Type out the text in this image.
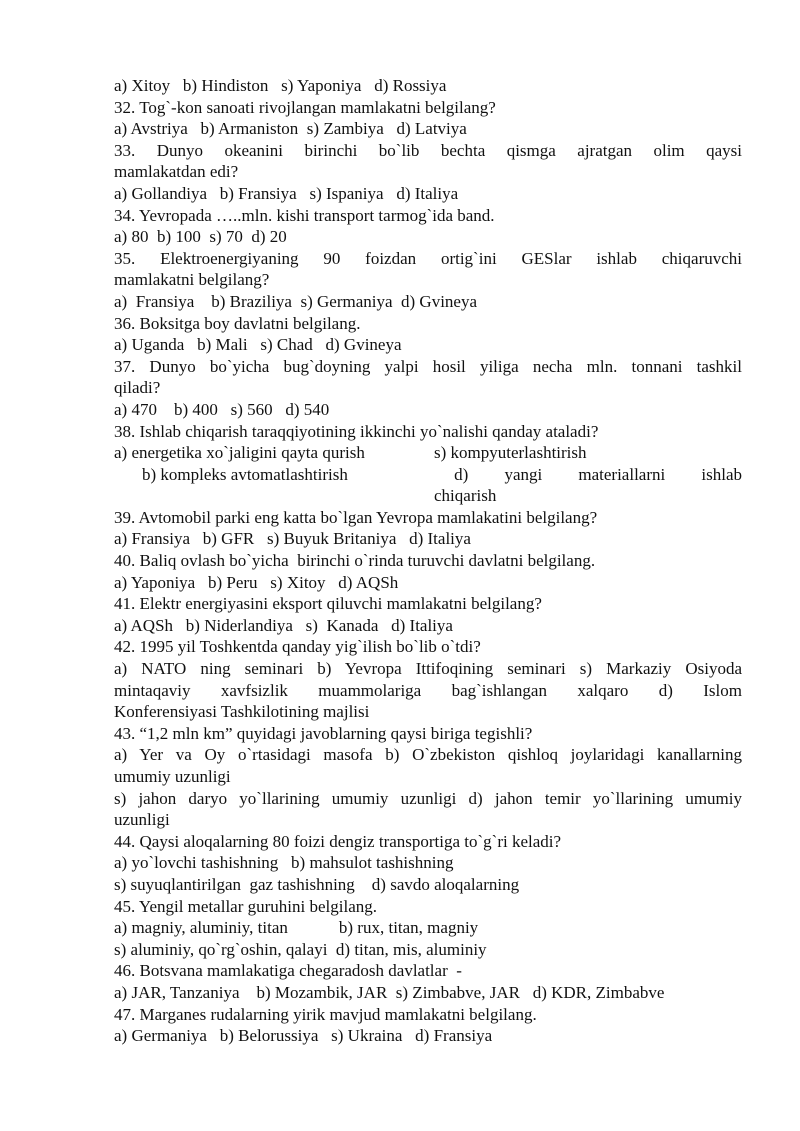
a) Xitoy   b) Hindiston   s) Yaponiya   d) Rossiya

32. Tog`-kon sanoati rivojlangan mamlakatni belgilang?

a) Avstriya   b) Armaniston  s) Zambiya   d) Latviya

33. Dunyo okeanini birinchi bo`lib bechta qismga ajratgan olim qaysi

mamlakatdan edi?

a) Gollandiya   b) Fransiya   s) Ispaniya   d) Italiya

34. Yevropada …..mln. kishi transport tarmog`ida band.

a) 80  b) 100  s) 70  d) 20

35. Elektroenergiyaning 90 foizdan ortig`ini GESlar ishlab chiqaruvchi

mamlakatni belgilang?

a)  Fransiya    b) Braziliya  s) Germaniya  d) Gvineya

36. Boksitga boy davlatni belgilang.

a) Uganda   b) Mali   s) Chad   d) Gvineya

37. Dunyo bo`yicha bug`doyning yalpi hosil yiliga necha mln. tonnani tashkil

qiladi?

a) 470    b) 400   s) 560   d) 540

38. Ishlab chiqarish taraqqiyotining ikkinchi yo`nalishi qanday ataladi?

a) energetika xo`jaligini qayta qurish	s) kompyuterlashtirish
b) kompleks avtomatlashtirish	d) yangi materiallarni ishlab

chiqarish

39. Avtomobil parki eng katta bo`lgan Yevropa mamlakatini belgilang?

a) Fransiya   b) GFR   s) Buyuk Britaniya   d) Italiya

40. Baliq ovlash bo`yicha  birinchi o`rinda turuvchi davlatni belgilang.

a) Yaponiya   b) Peru   s) Xitoy   d) AQSh

41. Elektr energiyasini eksport qiluvchi mamlakatni belgilang?

a) AQSh   b) Niderlandiya   s)  Kanada   d) Italiya

42. 1995 yil Toshkentda qanday yig`ilish bo`lib o`tdi?

a) NATO ning seminari b) Yevropa Ittifoqining seminari s) Markaziy Osiyoda

mintaqaviy xavfsizlik muammolariga bag`ishlangan xalqaro d) Islom

Konferensiyasi Tashkilotining majlisi

43. “1,2 mln km” quyidagi javoblarning qaysi biriga tegishli?

a) Yer va Oy o`rtasidagi masofa b) O`zbekiston qishloq joylaridagi kanallarning

umumiy uzunligi

s) jahon daryo yo`llarining umumiy uzunligi d) jahon temir yo`llarining umumiy

uzunligi

44. Qaysi aloqalarning 80 foizi dengiz transportiga to`g`ri keladi?

a) yo`lovchi tashishning   b) mahsulot tashishning

s) suyuqlantirilgan  gaz tashishning    d) savdo aloqalarning

45. Yengil metallar guruhini belgilang.

a) magniy, aluminiy, titan            b) rux, titan, magniy

s) aluminiy, qo`rg`oshin, qalayi  d) titan, mis, aluminiy

46. Botsvana mamlakatiga chegaradosh davlatlar  -

a) JAR, Tanzaniya    b) Mozambik, JAR  s) Zimbabve, JAR   d) KDR, Zimbabve

47. Marganes rudalarning yirik mavjud mamlakatni belgilang.

a) Germaniya   b) Belorussiya   s) Ukraina   d) Fransiya
